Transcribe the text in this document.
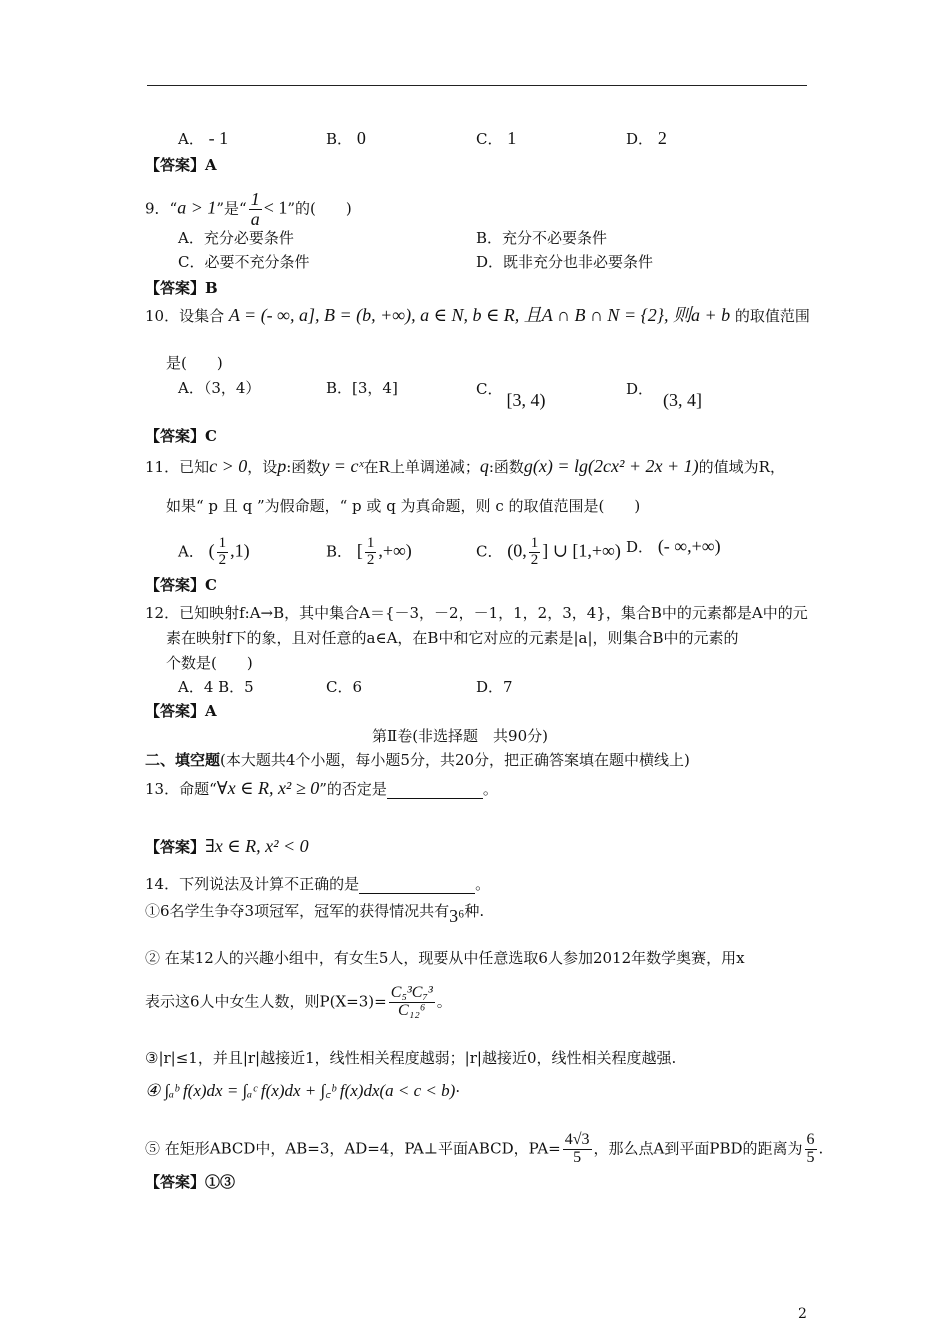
A． - 1	B． 0	C． 1	D． 2
【答案】A
9．“a > 1”是“ $\frac{1}{a} < 1$”的(　　)
A．充分必要条件	B．充分不必要条件
C．必要不充分条件	D．既非充分也非必要条件
【答案】B
10．设集合 A = (- ∞, a], B = (b, +∞), a ∈ N, b ∈ R, 且A ∩ B ∩ N = {2}, 则a + b 的取值范围
是(　　)
A．（3，4）	B．[3，4]	C．[3, 4)
D．(3, 4]
【答案】C
11．已知c > 0，设p:函数y = cˣ在R上单调递减；q:函数g(x) = lg(2cx² + 2x + 1)的值域为R，
如果“ p 且 q ”为假命题，“ p 或 q 为真命题，则 c 的取值范围是(　　)
A． ( $\frac{1}{2} ,1$)	B． [ $\frac{1}{2}$ ,+∞)	C． (0, $\frac{1}{2}$ ] ∪ [1,+∞) D． (- ∞,+∞)
【答案】C
12．已知映射f:A→B，其中集合A＝{－3，－2，－1，1，2，3，4}，集合B中的元素都是A中的元
素在映射f下的象，且对任意的a∈A，在B中和它对应的元素是|a|，则集合B中的元素的
个数是(　　)
A．4 B．5	C．6	D．7
【答案】A
第Ⅱ卷(非选择题　共90分)
二、填空题(本大题共4个小题，每小题5分，共20分，把正确答案填在题中横线上)
13．命题“∀x ∈ R, x² ≥ 0”的否定是	。
【答案】∃x ∈ R, x² < 0
14．下列说法及计算不正确的是	。
①6名学生争夺3项冠军，冠军的获得情况共有3⁶种.
② 在某12人的兴趣小组中，有女生5人，现要从中任意选取6人参加2012年数学奥赛，用x
表示这6人中女生人数，则$P(X=3)= \frac{\text{C₅³C₇³}}{\text{C₁₂⁶}}$ 。
③|r|≤1，并且|r|越接近1，线性相关程度越弱；|r|越接近0，线性相关程度越强.
④ ∫ₐᵇ f(x)dx = ∫ₐᶜ f(x)dx + ∫꜀ᵇ f(x)dx(a < c < b)·
⑤ 在矩形ABCD中，AB=3，AD=4，PA⊥平面ABCD，$PA= \frac{4√3}{5}$ ，那么点A到平面PBD的距离为 $\frac{6}{5}$ .
【答案】①③
2
